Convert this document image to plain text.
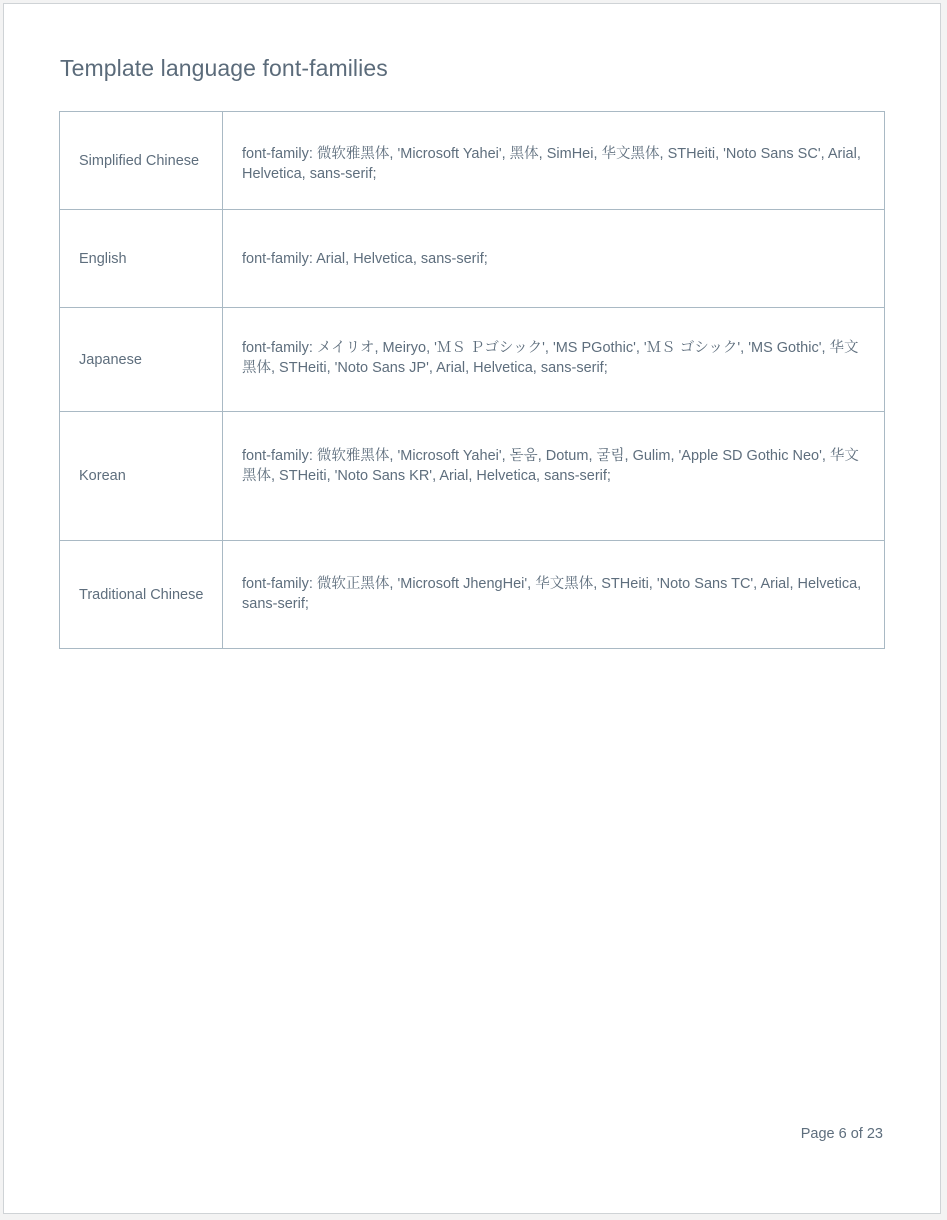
Template language font-families
Simplified Chinese	font-family: 微软雅黑体, 'Microsoft Yahei', 黑体, SimHei, 华文黑体, STHeiti, 'Noto Sans SC', Arial, Helvetica, sans-serif;

English	font-family: Arial, Helvetica, sans-serif;

Japanese	font-family: メイリオ, Meiryo, 'ＭＳ Ｐゴシック', 'MS PGothic', 'ＭＳ ゴシック', 'MS Gothic', 华文黑体, STHeiti, 'Noto Sans JP', Arial, Helvetica, sans-serif;

Korean	font-family: 微软雅黑体, 'Microsoft Yahei', 돋움, Dotum, 굴림, Gulim, 'Apple SD Gothic Neo', 华文黑体, STHeiti, 'Noto Sans KR', Arial, Helvetica, sans-serif;

Traditional Chinese	font-family: 微软正黑体, 'Microsoft JhengHei', 华文黑体, STHeiti, 'Noto Sans TC', Arial, Helvetica, sans-serif;
Page 6 of 23
